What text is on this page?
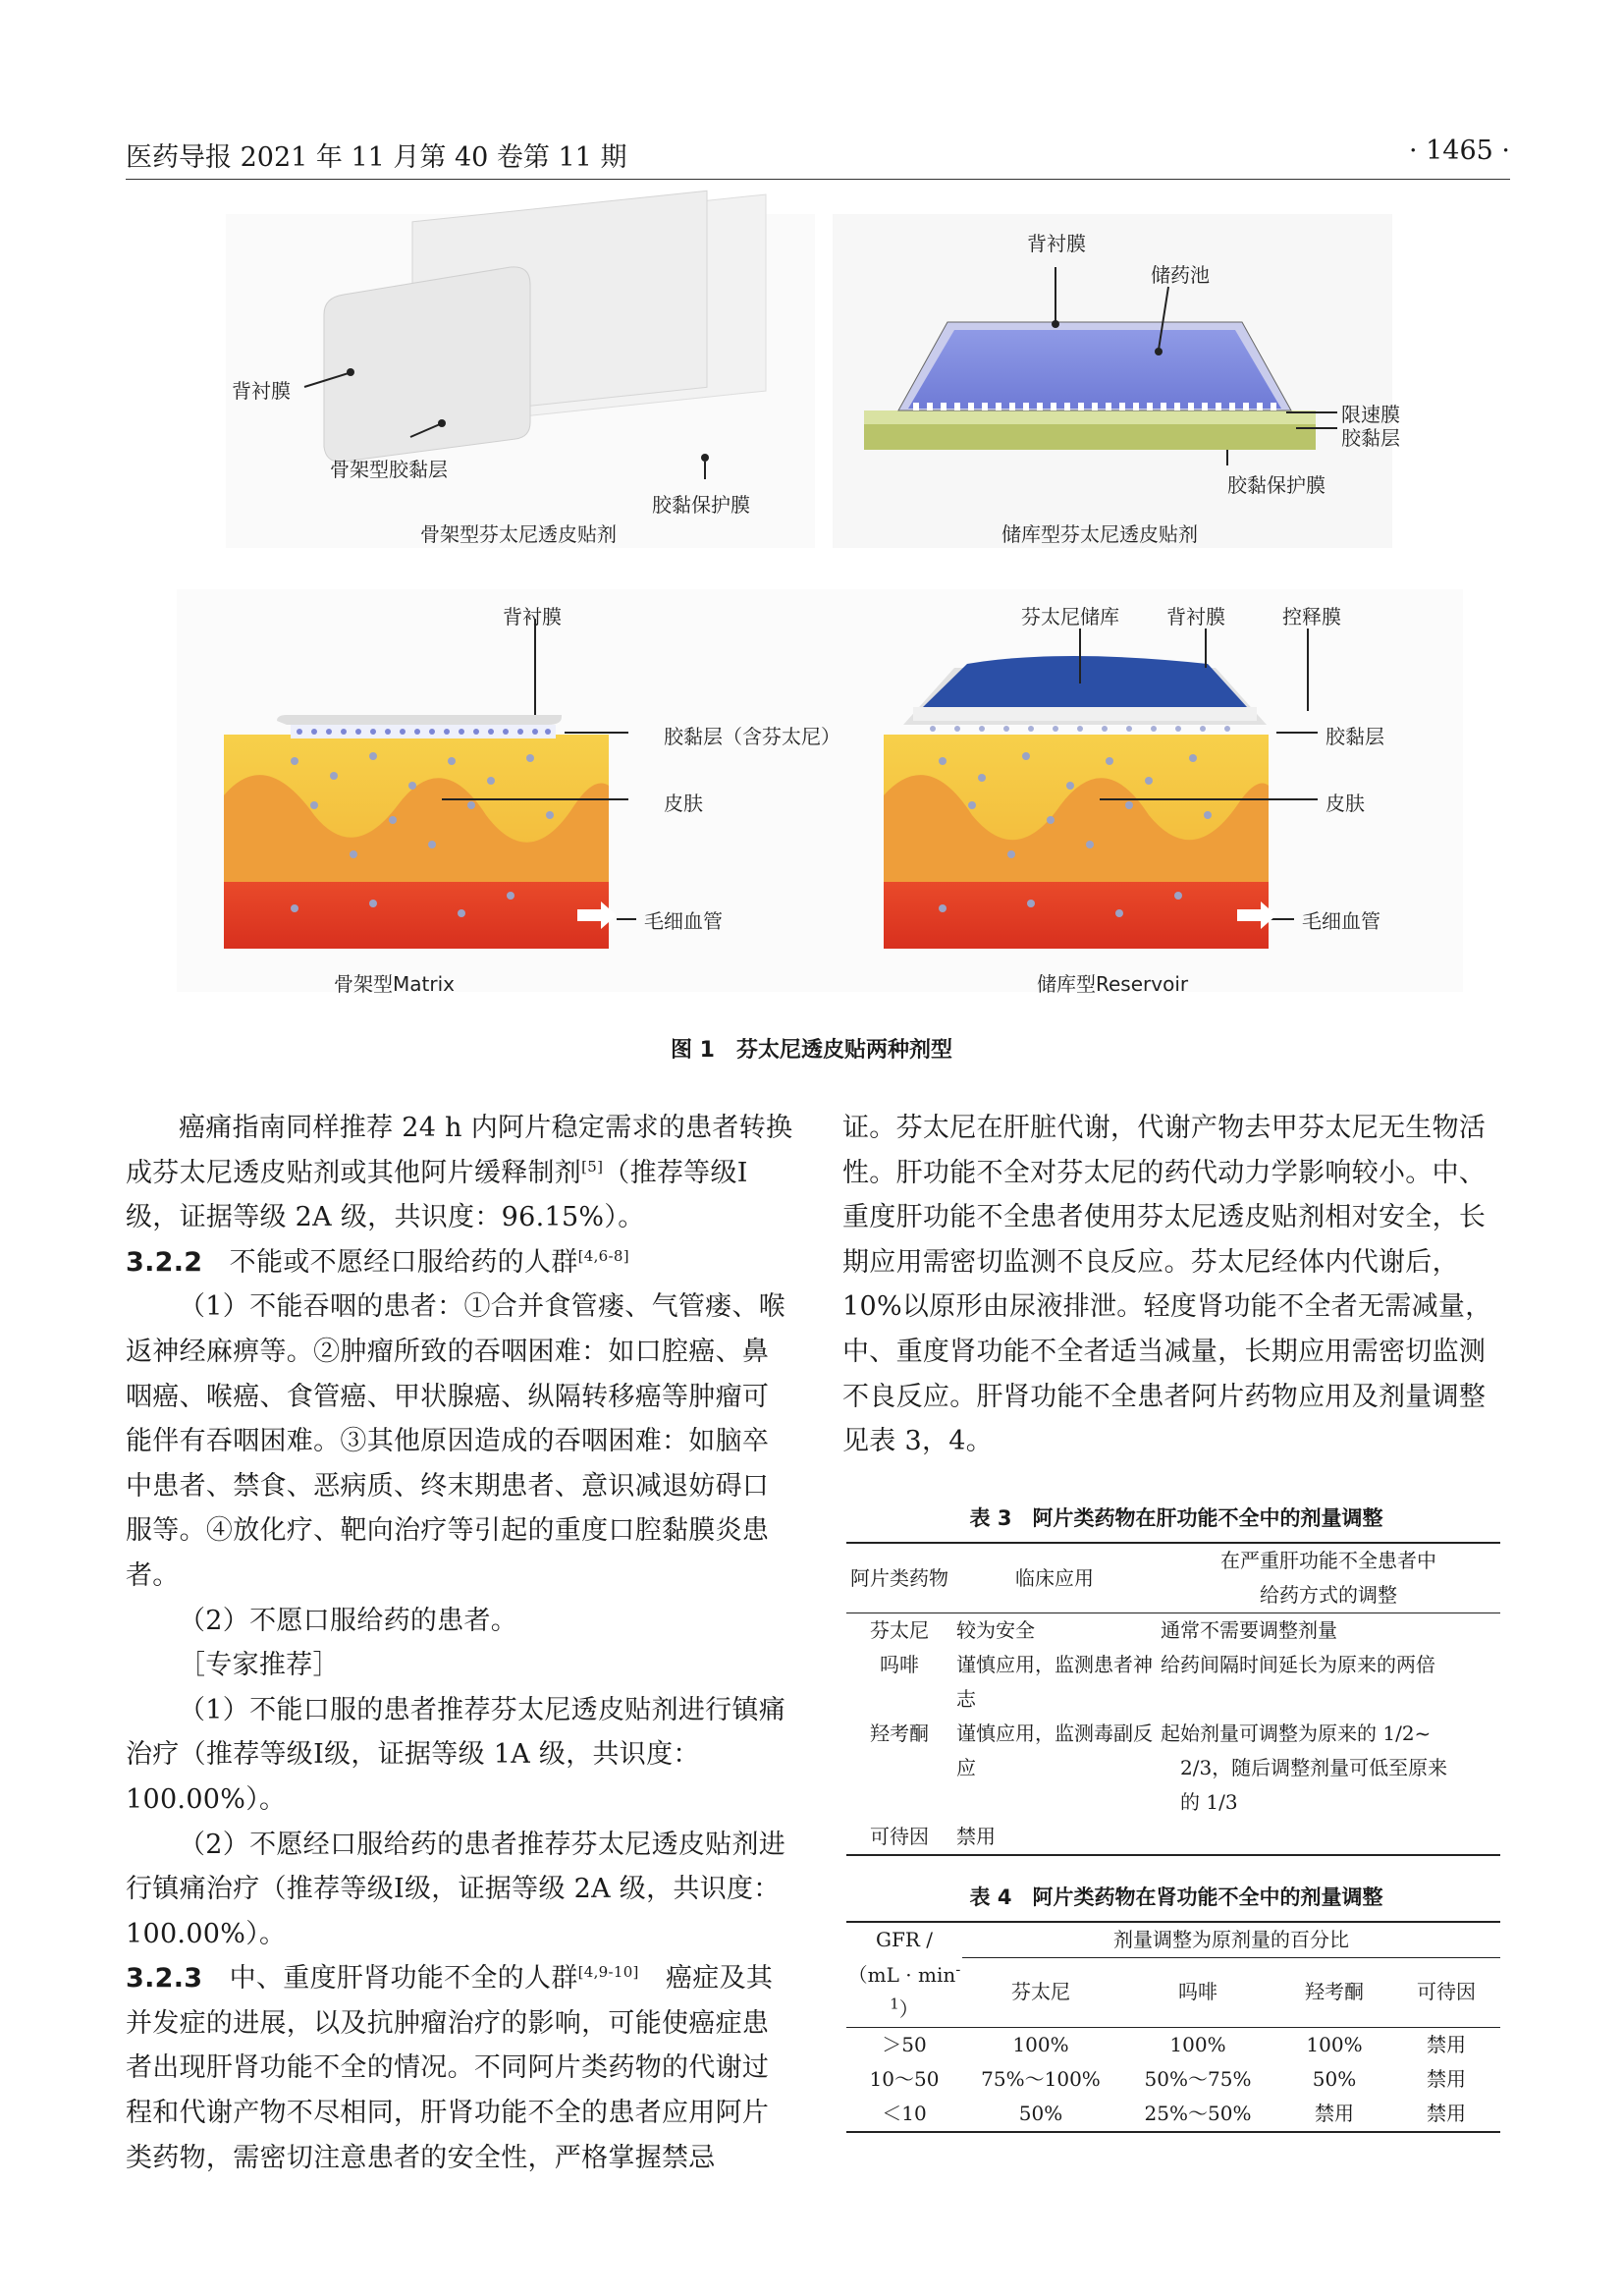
医药导报 2021 年 11 月第 40 卷第 11 期	· 1465 ·
背衬膜
骨架型胶黏层
胶黏保护膜
骨架型芬太尼透皮贴剂
背衬膜
储药池
限速膜
胶黏层
胶黏保护膜
储库型芬太尼透皮贴剂
背衬膜
胶黏层（含芬太尼）
皮肤
毛细血管
骨架型Matrix
芬太尼储库 背衬膜	控释膜
胶黏层
皮肤
毛细血管
储库型Reservoir
图 1　芬太尼透皮贴两种剂型

癌痛指南同样推荐 24 h 内阿片稳定需求的患者转换成芬太尼透皮贴剂或其他阿片缓释制剂[5]（推荐等级Ⅰ级，证据等级 2A 级，共识度：96.15%）。

3.2.2　不能或不愿经口服给药的人群[4,6-8]

（1）不能吞咽的患者：①合并食管瘘、气管瘘、喉返神经麻痹等。②肿瘤所致的吞咽困难：如口腔癌、鼻咽癌、喉癌、食管癌、甲状腺癌、纵隔转移癌等肿瘤可能伴有吞咽困难。③其他原因造成的吞咽困难：如脑卒中患者、禁食、恶病质、终末期患者、意识减退妨碍口服等。④放化疗、靶向治疗等引起的重度口腔黏膜炎患者。

（2）不愿口服给药的患者。

［专家推荐］

（1）不能口服的患者推荐芬太尼透皮贴剂进行镇痛治疗（推荐等级Ⅰ级，证据等级 1A 级，共识度：100.00%）。

（2）不愿经口服给药的患者推荐芬太尼透皮贴剂进行镇痛治疗（推荐等级Ⅰ级，证据等级 2A 级，共识度：100.00%）。

3.2.3　中、重度肝肾功能不全的人群[4,9-10]　癌症及其并发症的进展，以及抗肿瘤治疗的影响，可能使癌症患者出现肝肾功能不全的情况。不同阿片类药物的代谢过程和代谢产物不尽相同，肝肾功能不全的患者应用阿片类药物，需密切注意患者的安全性，严格掌握禁忌

证。芬太尼在肝脏代谢，代谢产物去甲芬太尼无生物活性。肝功能不全对芬太尼的药代动力学影响较小。中、重度肝功能不全患者使用芬太尼透皮贴剂相对安全，长期应用需密切监测不良反应。芬太尼经体内代谢后，10%以原形由尿液排泄。轻度肾功能不全者无需减量，中、重度肾功能不全者适当减量，长期应用需密切监测不良反应。肝肾功能不全患者阿片药物应用及剂量调整见表 3，4。

表 3　阿片类药物在肝功能不全中的剂量调整
阿片类药物	临床应用	在严重肝功能不全患者中
给药方式的调整

芬太尼	较为安全	通常不需要调整剂量
吗啡	谨慎应用，监测患者神志	给药间隔时间延长为原来的两倍
羟考酮	谨慎应用，监测毒副反应	起始剂量可调整为原来的 1/2~
2/3，随后调整剂量可低至原来
的 1/3

可待因	禁用	
表 4　阿片类药物在肾功能不全中的剂量调整
GFR /	剂量调整为原剂量的百分比			
$(mL \cdot \min^{-1})$	芬太尼	吗啡	羟考酮	可待因
＞50	100%	100%	100%	禁用
10～50	75%～100%	50%～75%	50%	禁用
＜10	50%	25%～50%	禁用	禁用
